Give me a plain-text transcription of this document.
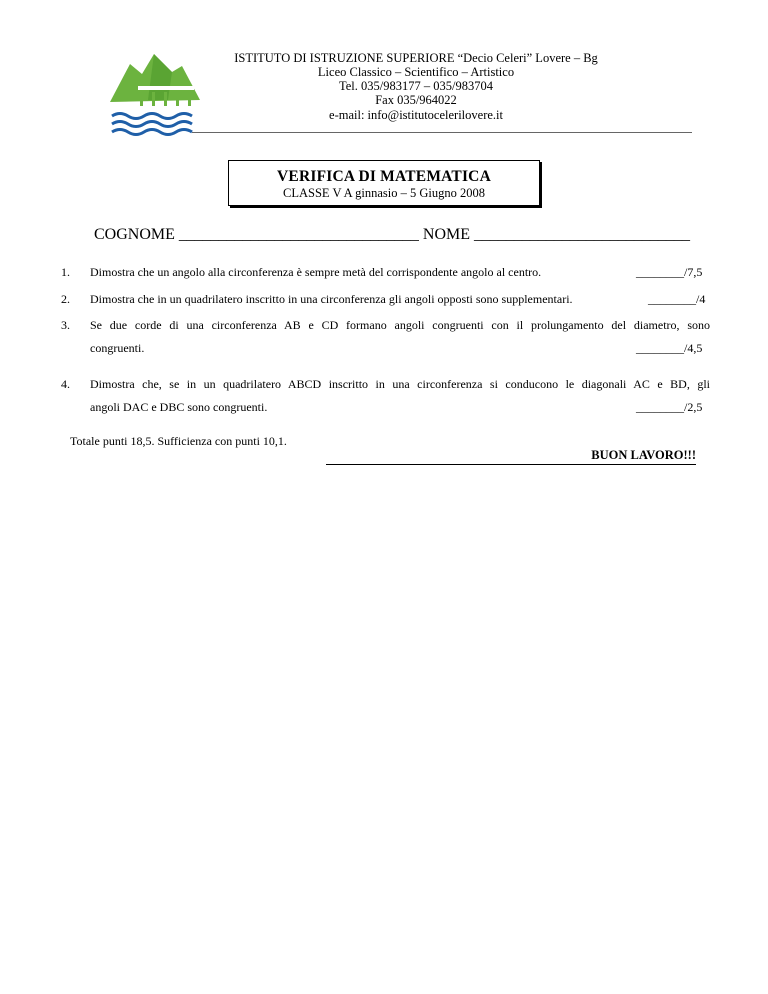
ISTITUTO DI ISTRUZIONE SUPERIORE “Decio Celeri” Lovere – Bg
Liceo Classico – Scientifico – Artistico
Tel. 035/983177 – 035/983704
Fax 035/964022
e-mail: info@istitutocelerilovere.it
VERIFICA DI MATEMATICA
CLASSE V A ginnasio – 5 Giugno 2008
COGNOME ______________________________ NOME ___________________________
1. Dimostra che un angolo alla circonferenza è sempre metà del corrispondente angolo al centro.	________/7,5
2. Dimostra che in un quadrilatero inscritto in una circonferenza gli angoli opposti sono supplementari.	________/4
3. Se due corde di una circonferenza AB e CD formano angoli congruenti con il prolungamento del diametro, sono
congruenti.	________/4,5
4. Dimostra che, se in un quadrilatero ABCD inscritto in una circonferenza si conducono le diagonali AC e BD, gli
angoli DAC e DBC sono congruenti.	________/2,5
Totale punti 18,5. Sufficienza con punti 10,1.
BUON LAVORO!!!
